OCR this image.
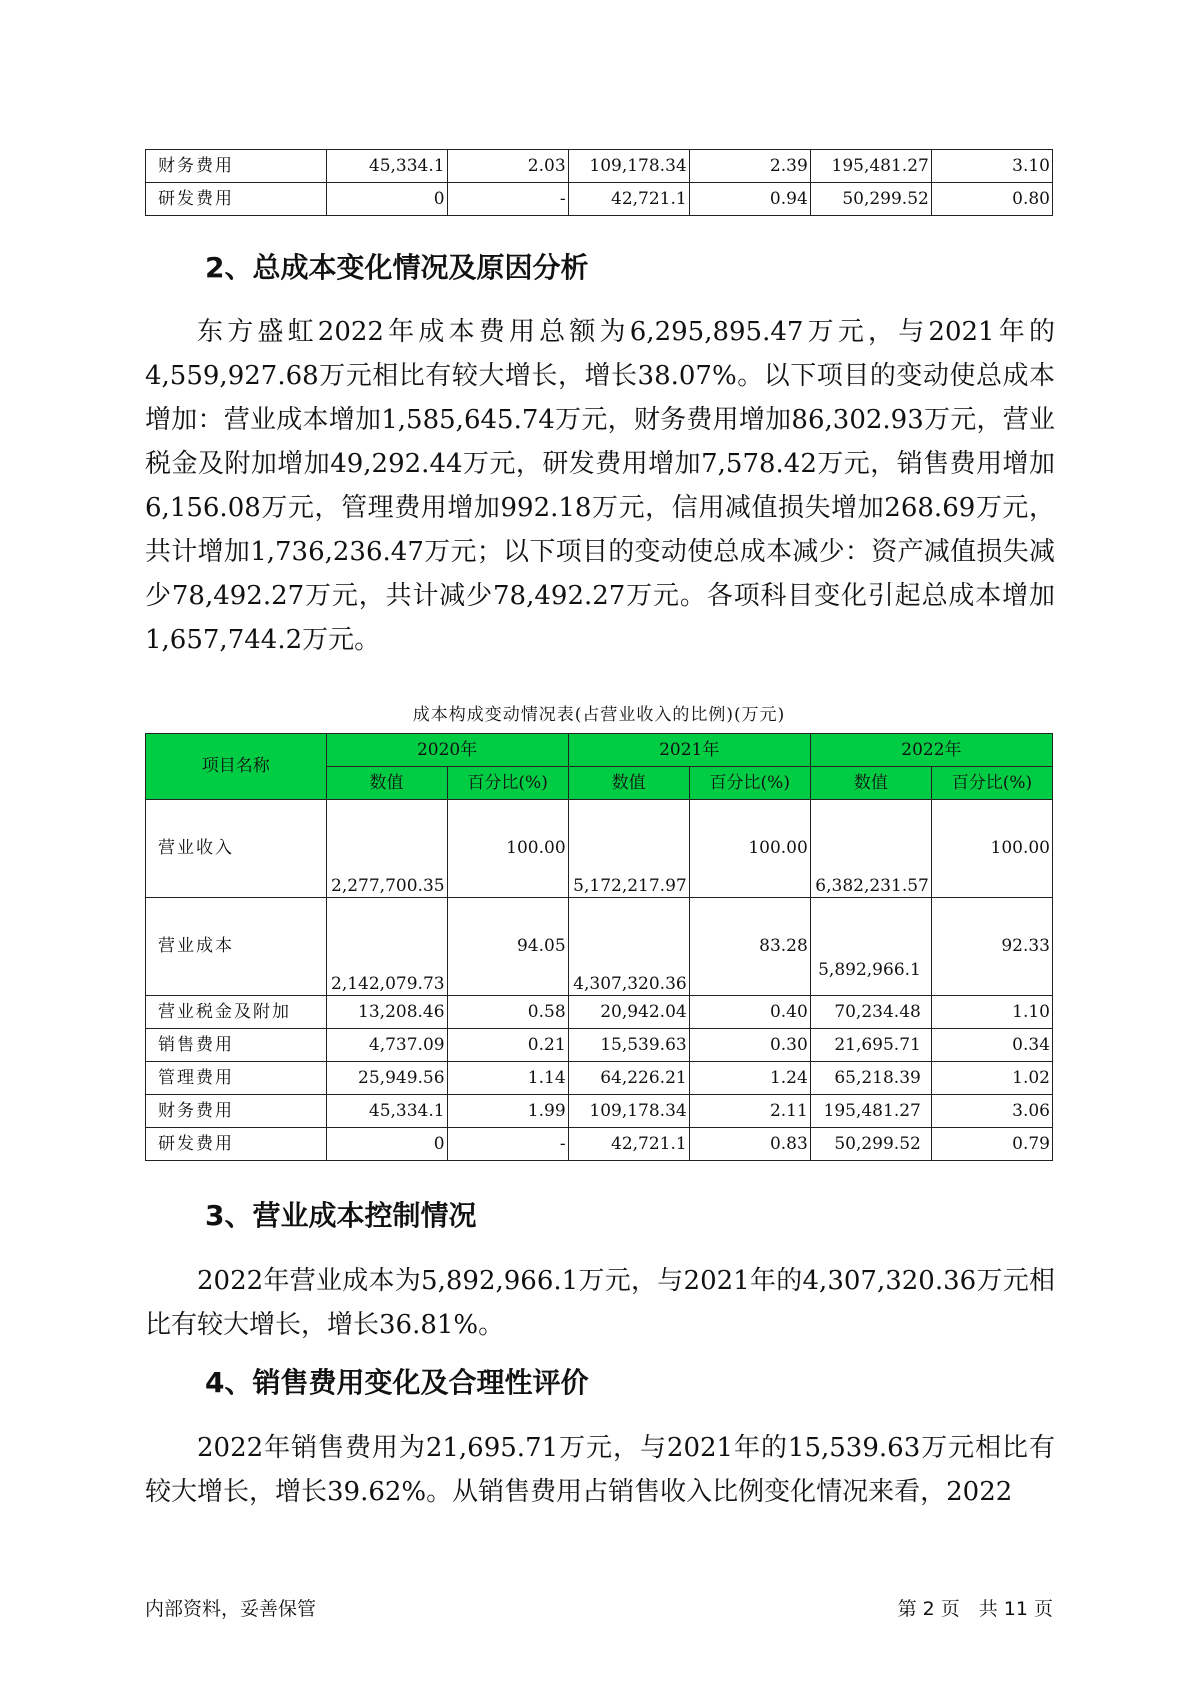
财务费用	45,334.1	2.03	109,178.34	2.39	195,481.27	3.10
研发费用	0	-	42,721.1	0.94	50,299.52	0.80
2、总成本变化情况及原因分析

东方盛虹2022年成本费用总额为6,295,895.47万元，与2021年的4,559,927.68万元相比有较大增长，增长38.07%。以下项目的变动使总成本增加：营业成本增加1,585,645.74万元，财务费用增加86,302.93万元，营业税金及附加增加49,292.44万元，研发费用增加7,578.42万元，销售费用增加6,156.08万元，管理费用增加992.18万元，信用减值损失增加268.69万元，共计增加1,736,236.47万元；以下项目的变动使总成本减少：资产减值损失减少78,492.27万元，共计减少78,492.27万元。各项科目变化引起总成本增加1,657,744.2万元。

成本构成变动情况表(占营业收入的比例)(万元)

项目名称	2020年		2021年		2022年	
	数值	百分比(%)	数值	百分比(%)	数值	百分比(%)
营业收入	2,277,700.35	100.00	5,172,217.97	100.00	6,382,231.57	100.00
营业成本	2,142,079.73	94.05	4,307,320.36	83.28	5,892,966.1	92.33
营业税金及附加	13,208.46	0.58	20,942.04	0.40	70,234.48	1.10
销售费用	4,737.09	0.21	15,539.63	0.30	21,695.71	0.34
管理费用	25,949.56	1.14	64,226.21	1.24	65,218.39	1.02
财务费用	45,334.1	1.99	109,178.34	2.11	195,481.27	3.06
研发费用	0	-	42,721.1	0.83	50,299.52	0.79
3、营业成本控制情况

2022年营业成本为5,892,966.1万元，与2021年的4,307,320.36万元相比有较大增长，增长36.81%。

4、销售费用变化及合理性评价

2022年销售费用为21,695.71万元，与2021年的15,539.63万元相比有较大增长，增长39.62%。从销售费用占销售收入比例变化情况来看，2022

内部资料，妥善保管	第 2 页　共 11 页
